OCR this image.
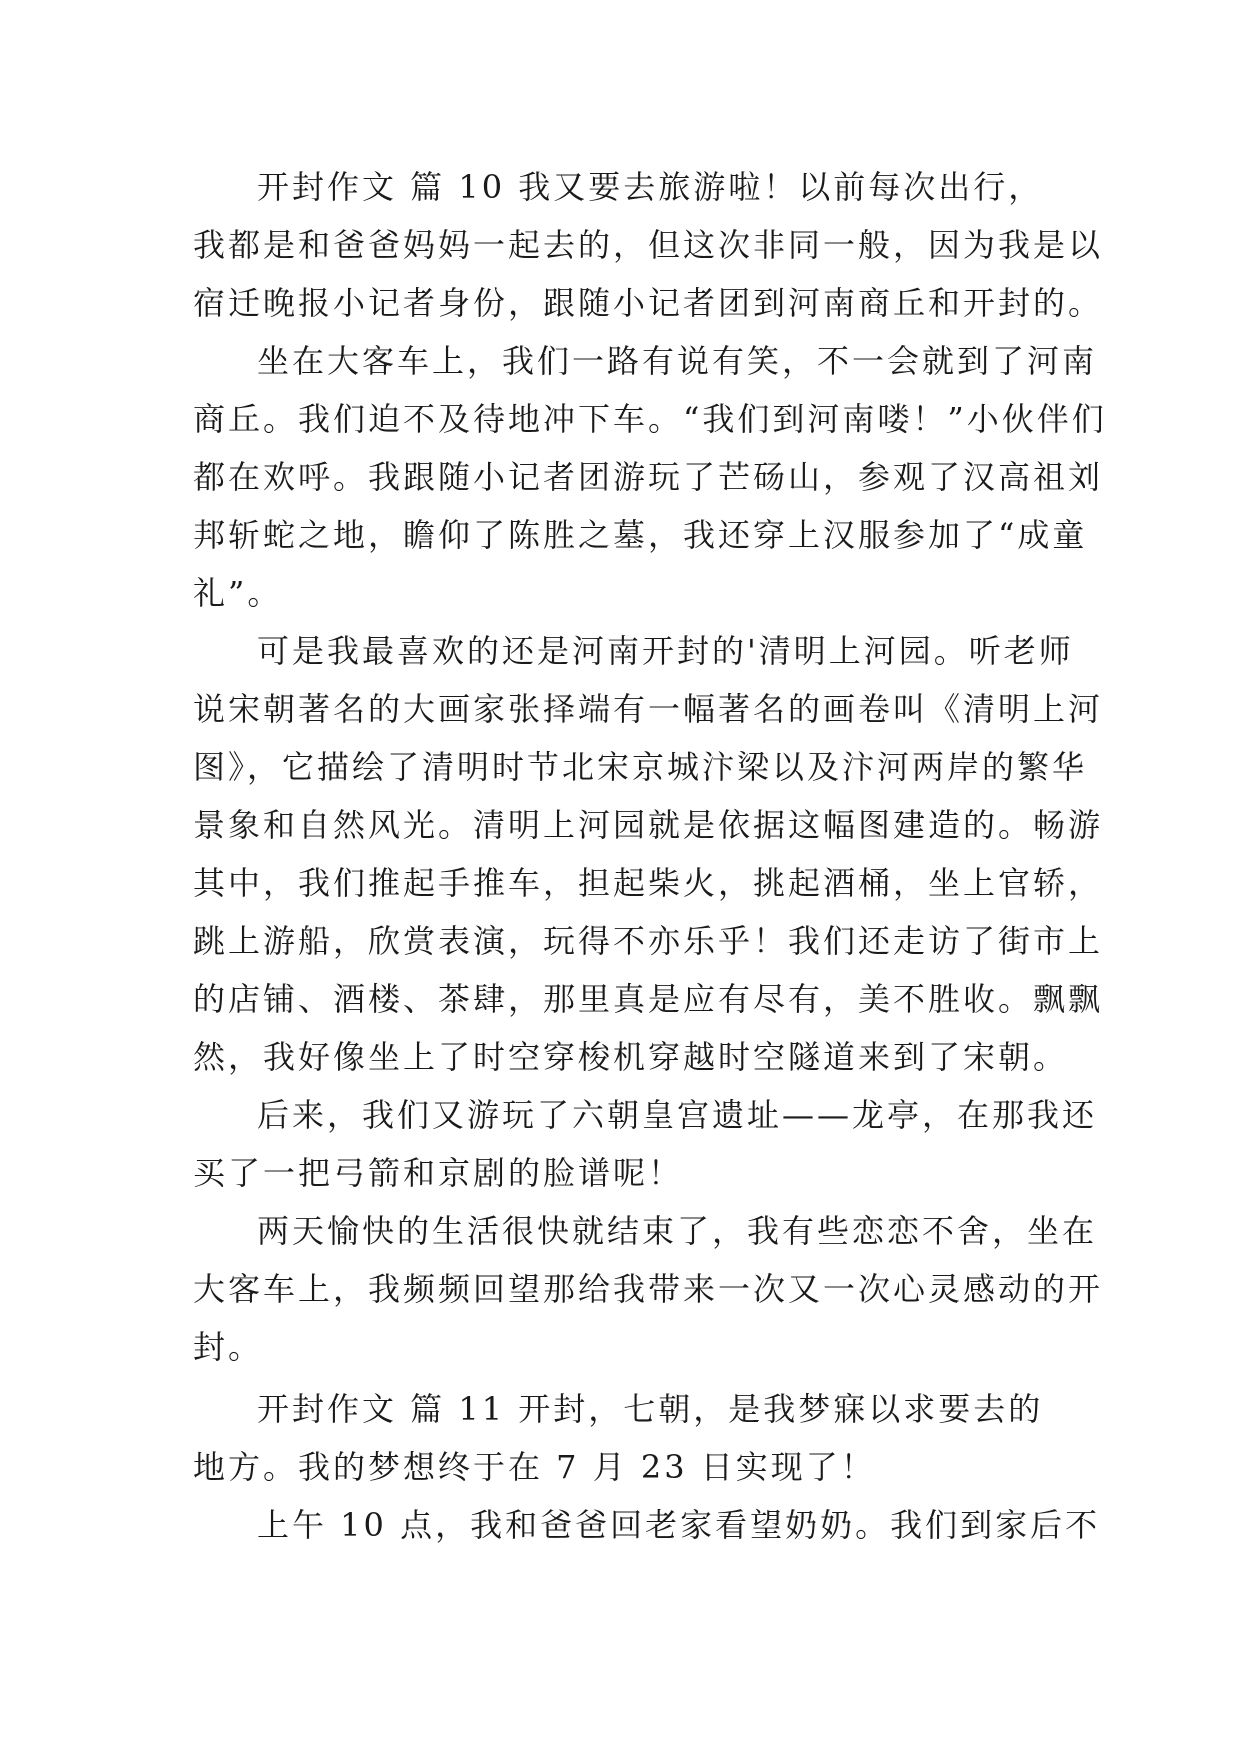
开封作文 篇 10 我又要去旅游啦！以前每次出行，
我都是和爸爸妈妈一起去的，但这次非同一般，因为我是以
宿迁晚报小记者身份，跟随小记者团到河南商丘和开封的。
坐在大客车上，我们一路有说有笑，不一会就到了河南
商丘。我们迫不及待地冲下车。“我们到河南喽！”小伙伴们
都在欢呼。我跟随小记者团游玩了芒砀山，参观了汉高祖刘
邦斩蛇之地，瞻仰了陈胜之墓，我还穿上汉服参加了“成童
礼”。
可是我最喜欢的还是河南开封的'清明上河园。听老师
说宋朝著名的大画家张择端有一幅著名的画卷叫《清明上河
图》，它描绘了清明时节北宋京城汴梁以及汴河两岸的繁华
景象和自然风光。清明上河园就是依据这幅图建造的。畅游
其中，我们推起手推车，担起柴火，挑起酒桶，坐上官轿，
跳上游船，欣赏表演，玩得不亦乐乎！我们还走访了街市上
的店铺、酒楼、茶肆，那里真是应有尽有，美不胜收。飘飘
然，我好像坐上了时空穿梭机穿越时空隧道来到了宋朝。
后来，我们又游玩了六朝皇宫遗址——龙亭，在那我还
买了一把弓箭和京剧的脸谱呢！
两天愉快的生活很快就结束了，我有些恋恋不舍，坐在
大客车上，我频频回望那给我带来一次又一次心灵感动的开
封。
开封作文 篇 11 开封，七朝，是我梦寐以求要去的
地方。我的梦想终于在 7 月 23 日实现了！
上午 10 点，我和爸爸回老家看望奶奶。我们到家后不
